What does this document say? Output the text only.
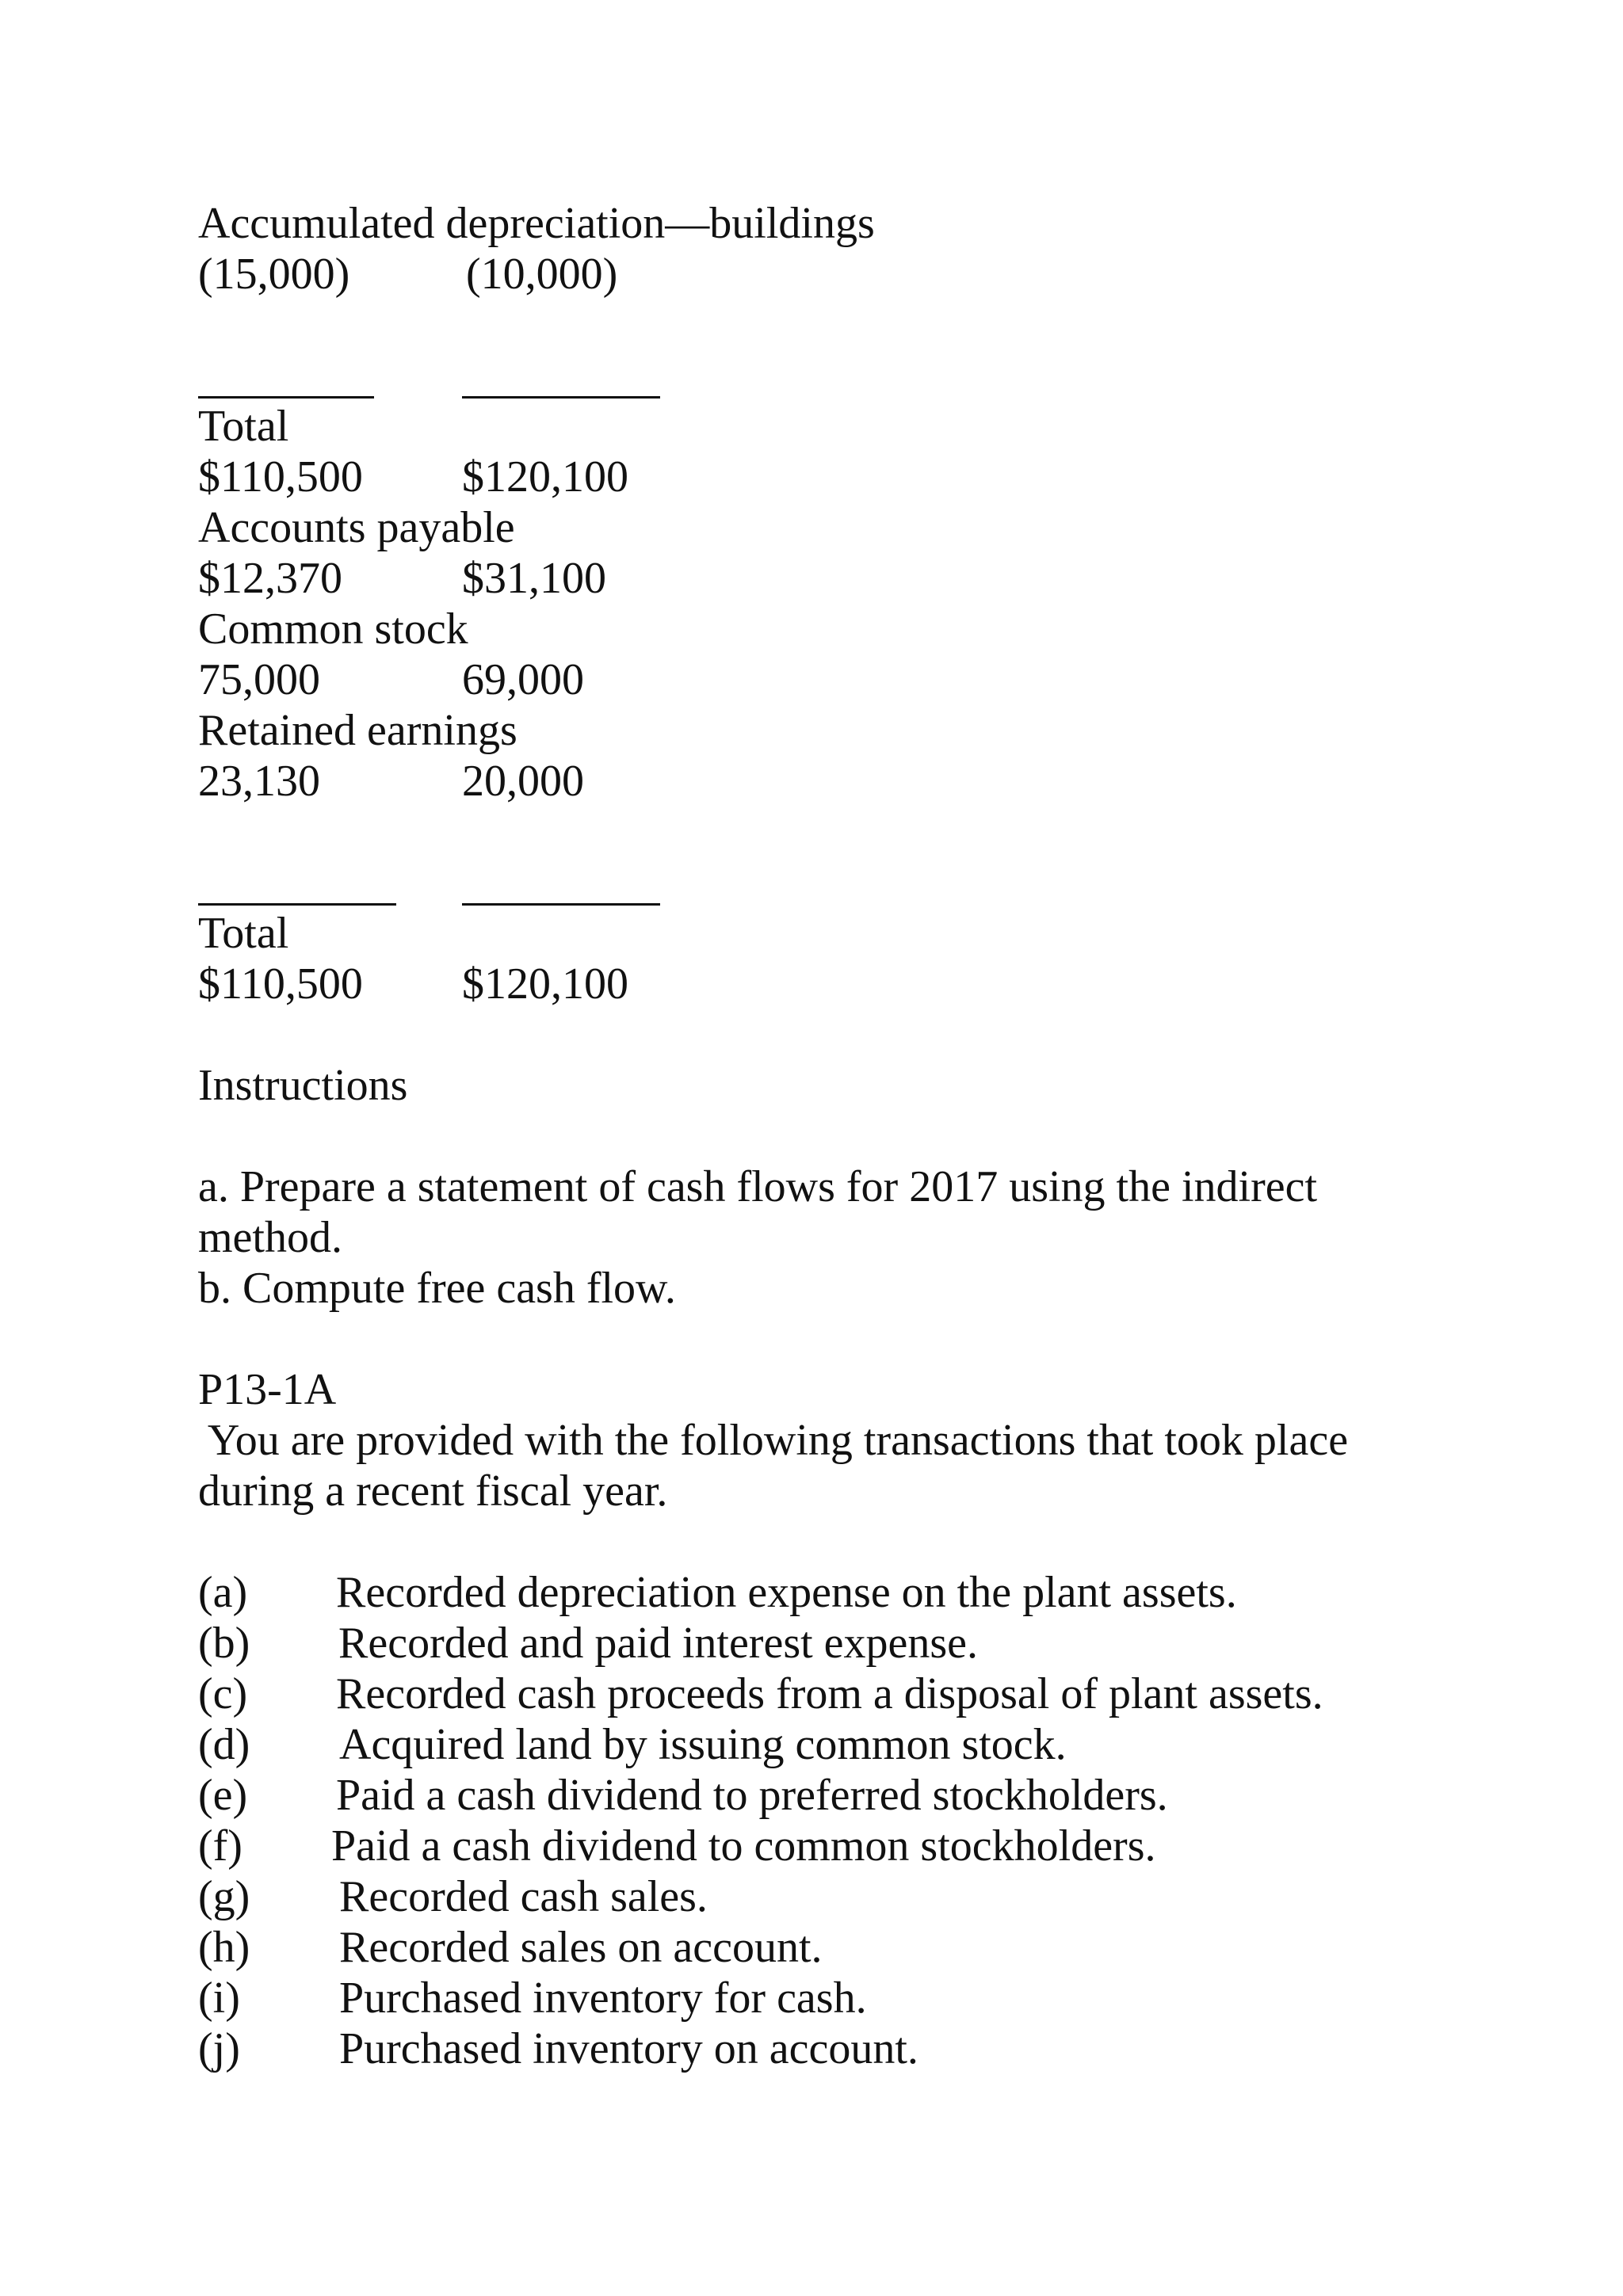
Accumulated depreciation—buildings
(15,000)	(10,000)
Total
$110,500 $120,100
Accounts payable
$12,370	$31,100
Common stock
75,000	69,000
Retained earnings
23,130	20,000
Total
$110,500 $120,100
Instructions
a. Prepare a statement of cash flows for 2017 using the indirect
method.
b. Compute free cash flow.
P13-1A
You are provided with the following transactions that took place
during a recent fiscal year.
(a) Recorded depreciation expense on the plant assets.
(b) Recorded and paid interest expense.
(c) Recorded cash proceeds from a disposal of plant assets.
(d) Acquired land by issuing common stock.
(e) Paid a cash dividend to preferred stockholders.
(f) Paid a cash dividend to common stockholders.
(g) Recorded cash sales.
(h) Recorded sales on account.
(i) Purchased inventory for cash.
(j) Purchased inventory on account.
